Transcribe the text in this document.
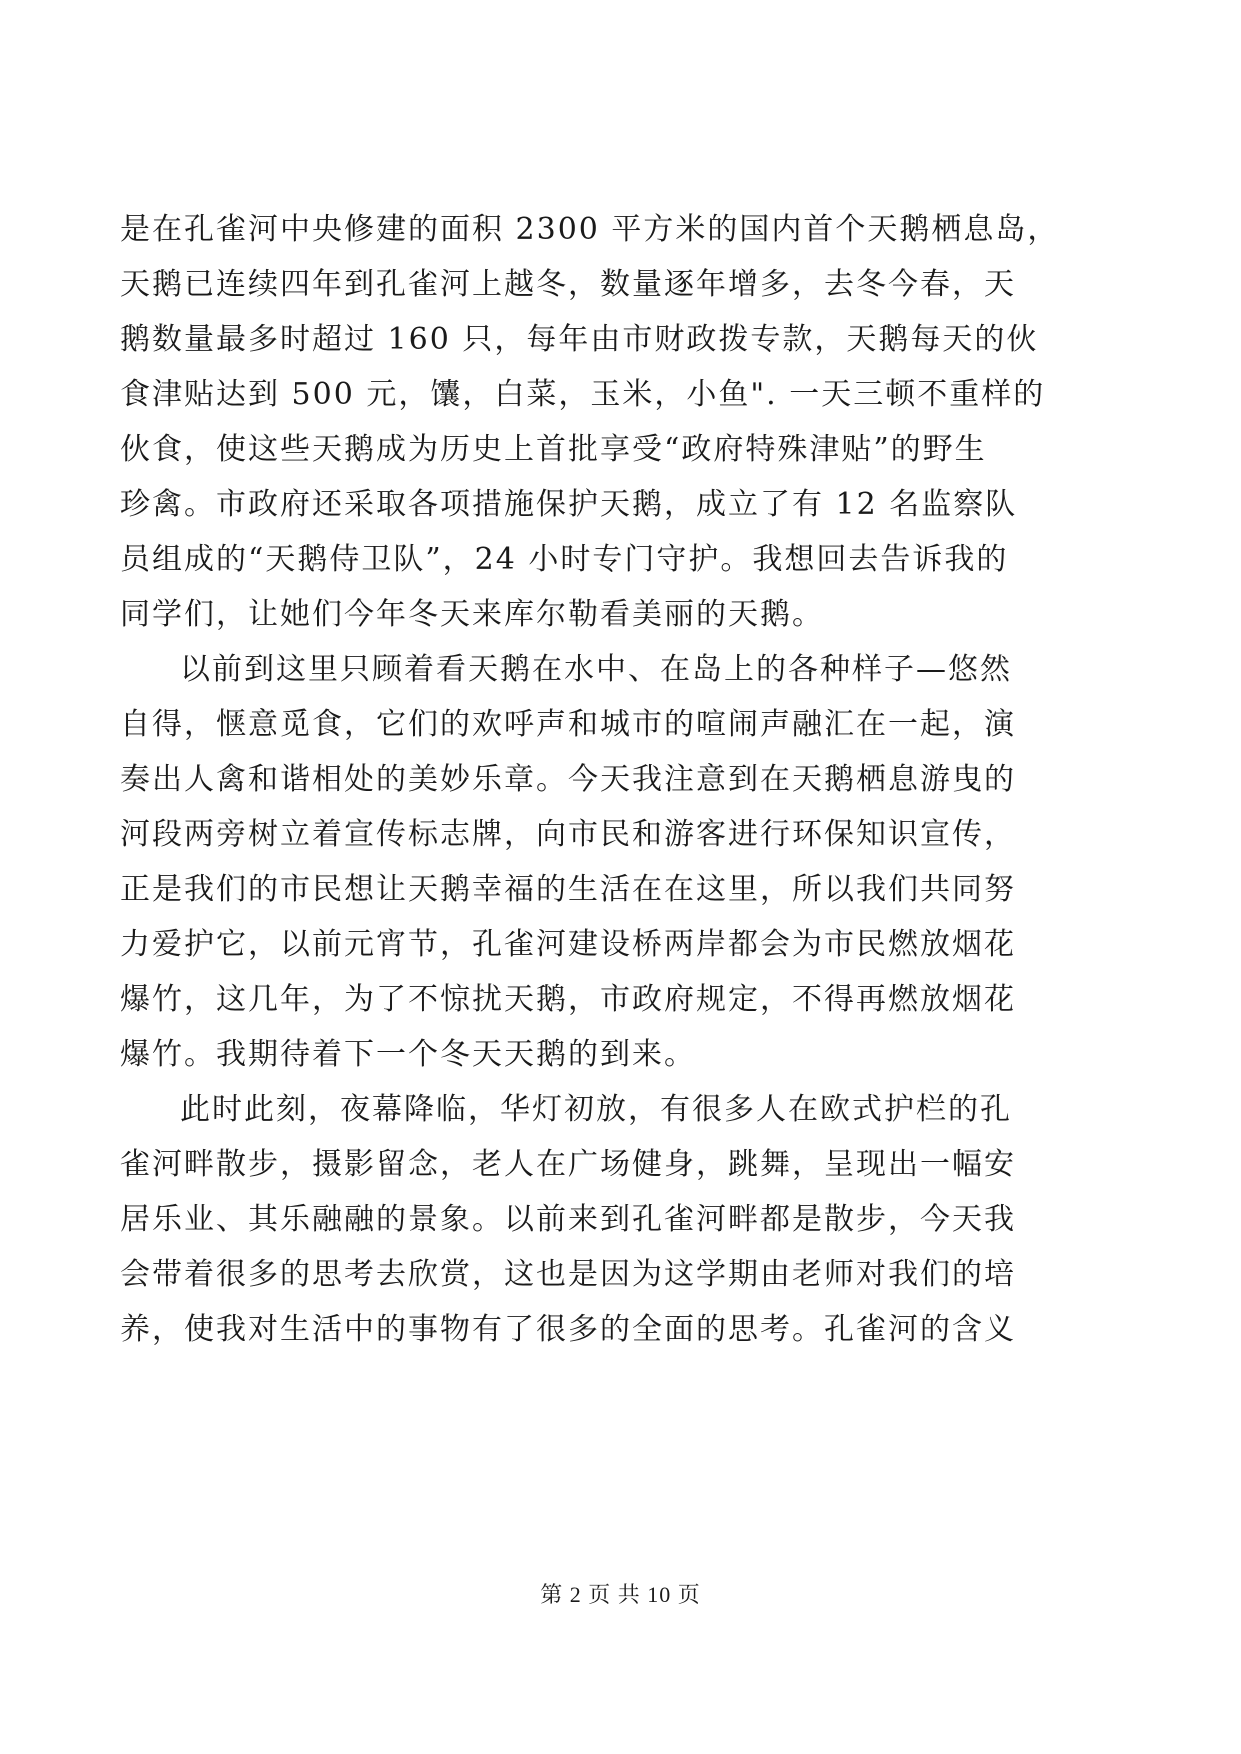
是在孔雀河中央修建的面积 2300 平方米的国内首个天鹅栖息岛，
天鹅已连续四年到孔雀河上越冬，数量逐年增多，去冬今春，天
鹅数量最多时超过 160 只，每年由市财政拨专款，天鹅每天的伙
食津贴达到 500 元，馕，白菜，玉米，小鱼". 一天三顿不重样的
伙食，使这些天鹅成为历史上首批享受“政府特殊津贴”的野生
珍禽。市政府还采取各项措施保护天鹅，成立了有 12 名监察队
员组成的“天鹅侍卫队”，24 小时专门守护。我想回去告诉我的
同学们，让她们今年冬天来库尔勒看美丽的天鹅。
以前到这里只顾着看天鹅在水中、在岛上的各种样子—悠然
自得，惬意觅食，它们的欢呼声和城市的喧闹声融汇在一起，演
奏出人禽和谐相处的美妙乐章。今天我注意到在天鹅栖息游曳的
河段两旁树立着宣传标志牌，向市民和游客进行环保知识宣传，
正是我们的市民想让天鹅幸福的生活在在这里，所以我们共同努
力爱护它，以前元宵节，孔雀河建设桥两岸都会为市民燃放烟花
爆竹，这几年，为了不惊扰天鹅，市政府规定，不得再燃放烟花
爆竹。我期待着下一个冬天天鹅的到来。
此时此刻，夜幕降临，华灯初放，有很多人在欧式护栏的孔
雀河畔散步，摄影留念，老人在广场健身，跳舞，呈现出一幅安
居乐业、其乐融融的景象。以前来到孔雀河畔都是散步，今天我
会带着很多的思考去欣赏，这也是因为这学期由老师对我们的培
养，使我对生活中的事物有了很多的全面的思考。孔雀河的含义
第 2 页 共 10 页
